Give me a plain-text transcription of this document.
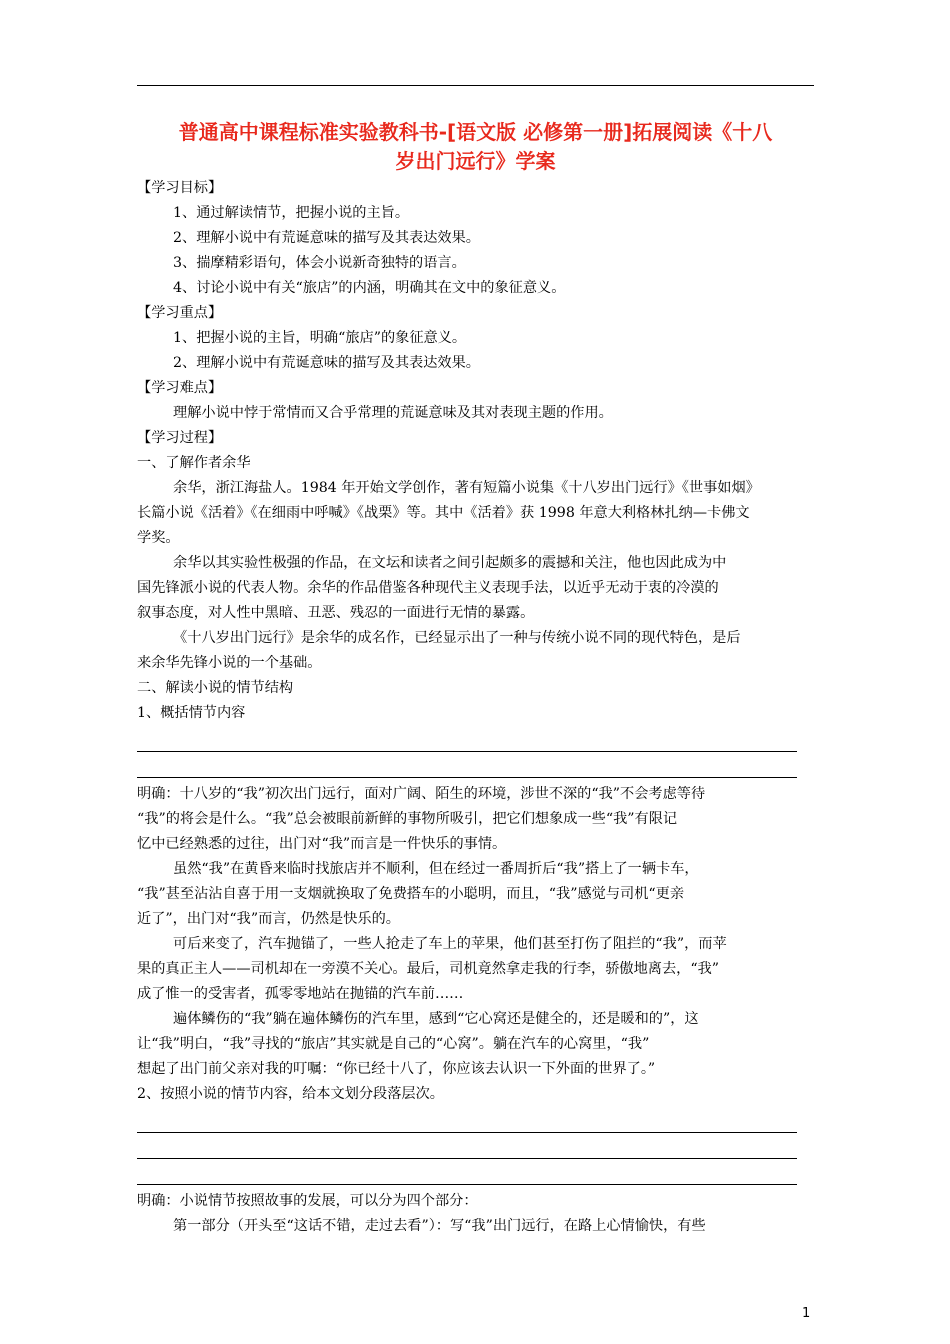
普通高中课程标准实验教科书-[语文版 必修第一册]拓展阅读《十八
岁出门远行》学案
【学习目标】
1、通过解读情节，把握小说的主旨。
2、理解小说中有荒诞意味的描写及其表达效果。
3、揣摩精彩语句，体会小说新奇独特的语言。
4、讨论小说中有关“旅店”的内涵，明确其在文中的象征意义。
【学习重点】
1、把握小说的主旨，明确“旅店”的象征意义。
2、理解小说中有荒诞意味的描写及其表达效果。
【学习难点】
理解小说中悖于常情而又合乎常理的荒诞意味及其对表现主题的作用。
【学习过程】
一、了解作者余华
余华，浙江海盐人。1984 年开始文学创作，著有短篇小说集《十八岁出门远行》《世事如烟》
长篇小说《活着》《在细雨中呼喊》《战栗》等。其中《活着》获 1998 年意大利格林扎纳—卡佛文
学奖。
余华以其实验性极强的作品，在文坛和读者之间引起颇多的震撼和关注，他也因此成为中
国先锋派小说的代表人物。余华的作品借鉴各种现代主义表现手法，以近乎无动于衷的冷漠的
叙事态度，对人性中黑暗、丑恶、残忍的一面进行无情的暴露。
《十八岁出门远行》是余华的成名作，已经显示出了一种与传统小说不同的现代特色，是后
来余华先锋小说的一个基础。
二、解读小说的情节结构
1、概括情节内容
明确：十八岁的“我”初次出门远行，面对广阔、陌生的环境，涉世不深的“我”不会考虑等待
“我”的将会是什么。“我”总会被眼前新鲜的事物所吸引，把它们想象成一些“我”有限记
忆中已经熟悉的过往，出门对“我”而言是一件快乐的事情。
虽然“我”在黄昏来临时找旅店并不顺利，但在经过一番周折后“我”搭上了一辆卡车，
“我”甚至沾沾自喜于用一支烟就换取了免费搭车的小聪明，而且，“我”感觉与司机“更亲
近了”，出门对“我”而言，仍然是快乐的。
可后来变了，汽车抛锚了，一些人抢走了车上的苹果，他们甚至打伤了阻拦的“我”，而苹
果的真正主人——司机却在一旁漠不关心。最后，司机竟然拿走我的行李，骄傲地离去，“我”
成了惟一的受害者，孤零零地站在抛锚的汽车前……
遍体鳞伤的“我”躺在遍体鳞伤的汽车里，感到“它心窝还是健全的，还是暖和的”，这
让“我”明白，“我”寻找的“旅店”其实就是自己的“心窝”。躺在汽车的心窝里，“我”
想起了出门前父亲对我的叮嘱：“你已经十八了，你应该去认识一下外面的世界了。”
2、按照小说的情节内容，给本文划分段落层次。
明确：小说情节按照故事的发展，可以分为四个部分：
第一部分（开头至“这话不错，走过去看”）：写“我”出门远行，在路上心情愉快，有些
1
